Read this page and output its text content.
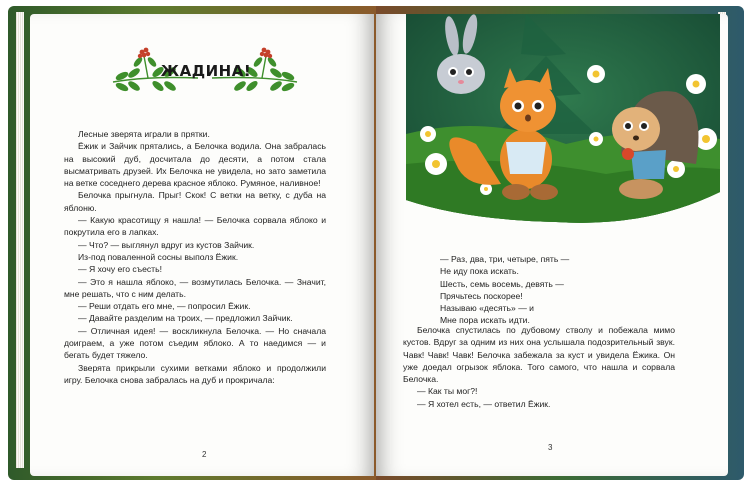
ЖАДИНА!

Лесные зверята играли в прятки.

Ёжик и Зайчик прятались, а Белочка водила. Она забралась на высокий дуб, досчитала до десяти, а потом стала высматривать друзей. Их Белочка не увидела, но зато заметила на ветке соседнего дерева красное яблоко. Румяное, наливное!

Белочка прыгнула. Прыг! Скок! С ветки на ветку, с дуба на яблоню.

— Какую красотищу я нашла! — Белочка сорвала яблоко и покрутила его в лапках.

— Что? — выглянул вдруг из кустов Зайчик.

Из-под поваленной сосны выполз Ёжик.

— Я хочу его съесть!

— Это я нашла яблоко, — возмутилась Белочка. — Значит, мне решать, что с ним делать.

— Реши отдать его мне, — попросил Ёжик.

— Давайте разделим на троих, — предложил Зайчик.

— Отличная идея! — воскликнула Белочка. — Но сначала доиграем, а уже потом съедим яблоко. А то наедимся — и бегать будет тяжело.

Зверята прикрыли сухими ветками яблоко и продолжили игру. Белочка снова забралась на дуб и прокричала:

2

— Раз, два, три, четыре, пять —

Не иду пока искать.

Шесть, семь восемь, девять —

Прячьтесь поскорее!

Называю «десять» — и

Мне пора искать идти.

Белочка спустилась по дубовому стволу и побежала мимо кустов. Вдруг за одним из них она услышала подозрительный звук. Чавк! Чавк! Чавк! Белочка забежала за куст и увидела Ёжика. Он уже доедал огрызок яблока. Того самого, что нашла и сорвала Белочка.

— Как ты мог?!

— Я хотел есть, — ответил Ёжик.

3
